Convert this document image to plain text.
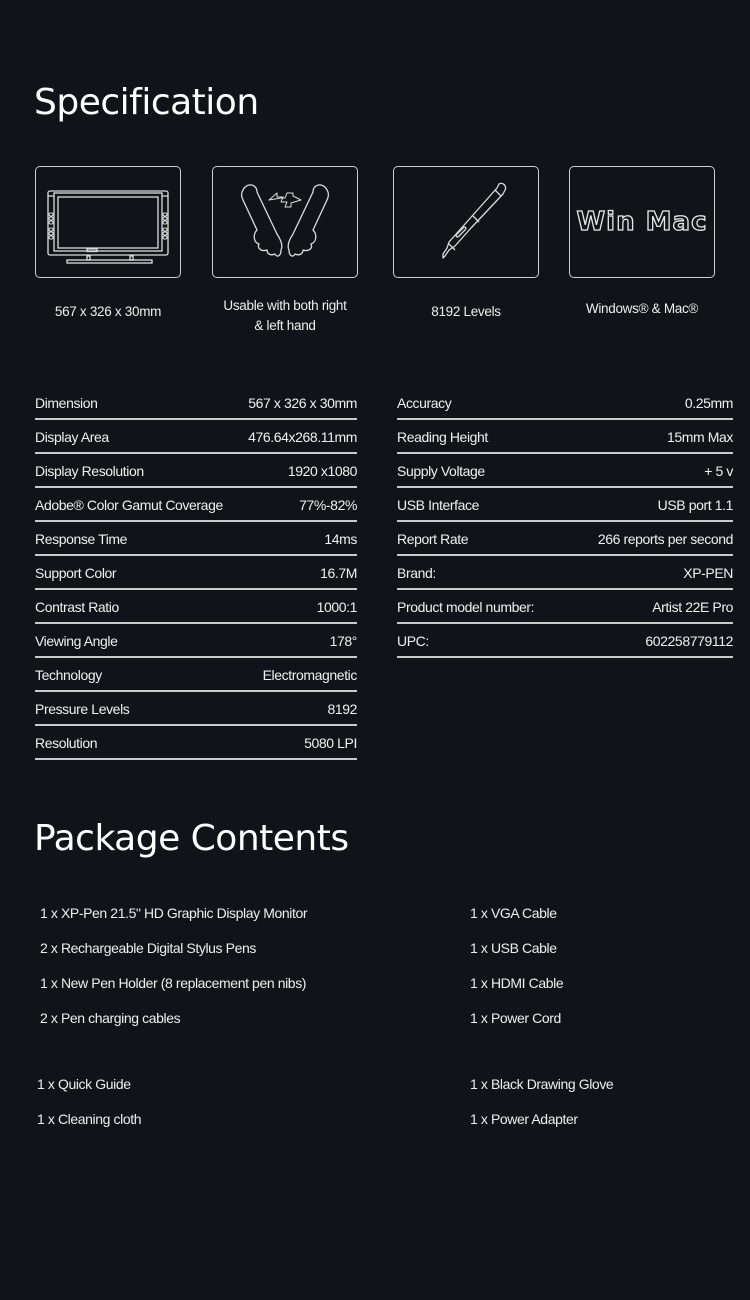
Specification
567 x 326 x 30mm	Usable with both right
& left hand
8192 Levels
Win Mac
Windows® & Mac®
Dimension	567 x 326 x 30mm
Display Area	476.64x268.11mm
Display Resolution	1920 x1080
Adobe® Color Gamut Coverage	77%-82%
Response Time	14ms
Support Color	16.7M
Contrast Ratio	1000:1
Viewing Angle	178°
Technology	Electromagnetic
Pressure Levels	8192
Resolution	5080 LPI
Accuracy	0.25mm
Reading Height	15mm Max
Supply Voltage	+ 5 v
USB Interface	USB port 1.1
Report Rate	266 reports per second
Brand:	XP-PEN
Product model number:	Artist 22E Pro
UPC:	602258779112
Package Contents
1 x XP-Pen 21.5" HD Graphic Display Monitor
2 x Rechargeable Digital Stylus Pens
1 x New Pen Holder (8 replacement pen nibs)
2 x Pen charging cables
1 x VGA Cable
1 x USB Cable
1 x HDMI Cable
1 x Power Cord
1 x Quick Guide
1 x Cleaning cloth
1 x Black Drawing Glove
1 x Power Adapter
